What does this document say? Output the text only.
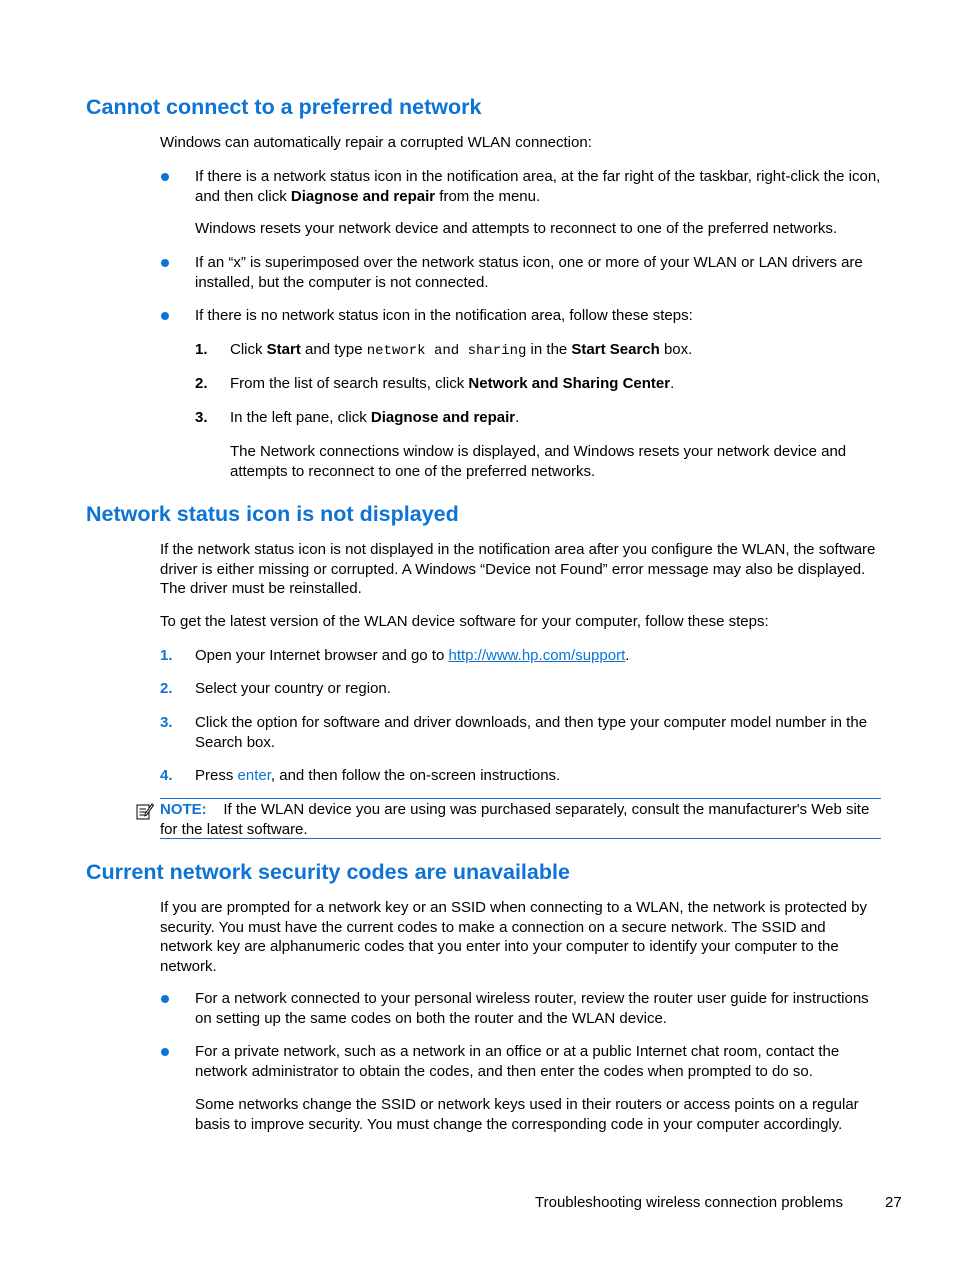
Cannot connect to a preferred network

Windows can automatically repair a corrupted WLAN connection:

If there is a network status icon in the notification area, at the far right of the taskbar, right-click the icon, and then click Diagnose and repair from the menu.

Windows resets your network device and attempts to reconnect to one of the preferred networks.

If an “x” is superimposed over the network status icon, one or more of your WLAN or LAN drivers are installed, but the computer is not connected.

If there is no network status icon in the notification area, follow these steps:

1. Click Start and type network and sharing in the Start Search box.

2. From the list of search results, click Network and Sharing Center.

3. In the left pane, click Diagnose and repair.

The Network connections window is displayed, and Windows resets your network device and attempts to reconnect to one of the preferred networks.

Network status icon is not displayed

If the network status icon is not displayed in the notification area after you configure the WLAN, the software driver is either missing or corrupted. A Windows “Device not Found” error message may also be displayed. The driver must be reinstalled.

To get the latest version of the WLAN device software for your computer, follow these steps:

1. Open your Internet browser and go to http://www.hp.com/support.

2. Select your country or region.

3. Click the option for software and driver downloads, and then type your computer model number in the Search box.

4. Press enter, and then follow the on-screen instructions.

NOTE: If the WLAN device you are using was purchased separately, consult the manufacturer's Web site for the latest software.

Current network security codes are unavailable

If you are prompted for a network key or an SSID when connecting to a WLAN, the network is protected by security. You must have the current codes to make a connection on a secure network. The SSID and network key are alphanumeric codes that you enter into your computer to identify your computer to the network.

For a network connected to your personal wireless router, review the router user guide for instructions on setting up the same codes on both the router and the WLAN device.

For a private network, such as a network in an office or at a public Internet chat room, contact the network administrator to obtain the codes, and then enter the codes when prompted to do so.

Some networks change the SSID or network keys used in their routers or access points on a regular basis to improve security. You must change the corresponding code in your computer accordingly.

Troubleshooting wireless connection problems	27
